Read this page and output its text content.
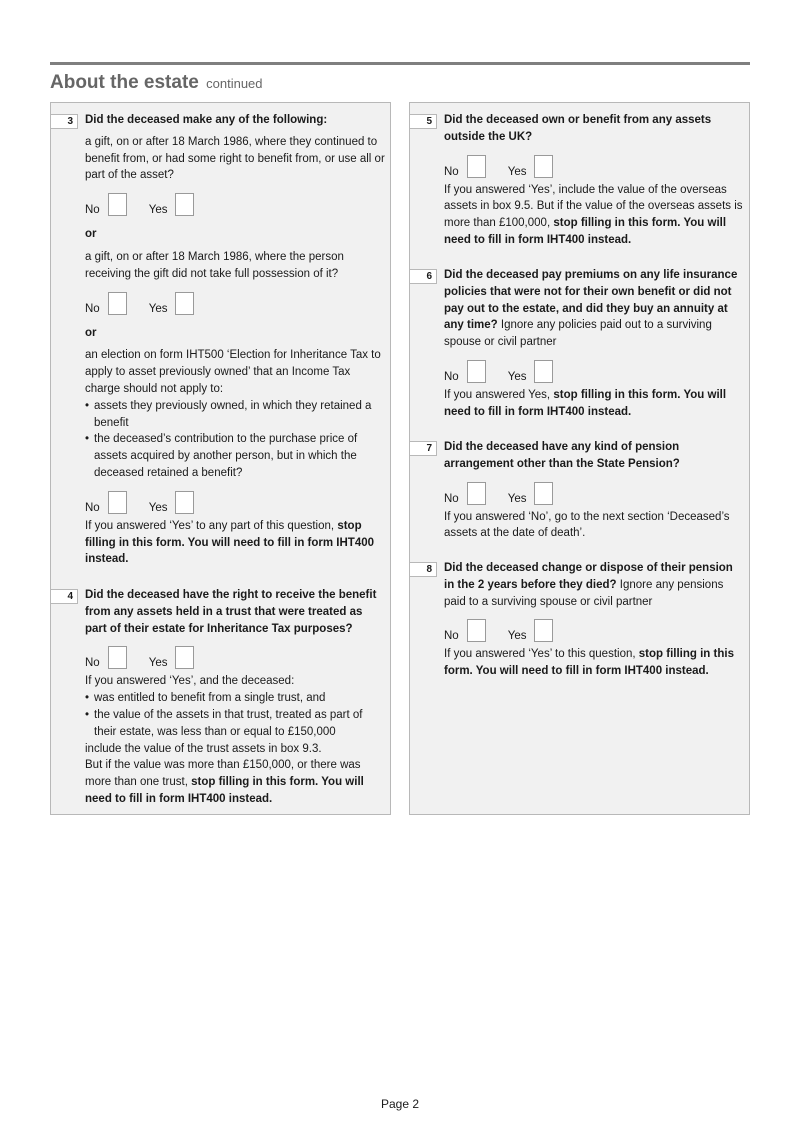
About the estate continued
3	Did the deceased make any of the following:

a gift, on or after 18 March 1986, where they continued to benefit from, or had some right to benefit from, or use all or part of the asset?

No	Yes

or

a gift, on or after 18 March 1986, where the person receiving the gift did not take full possession of it?

No	Yes

or

an election on form IHT500 ‘Election for Inheritance Tax to apply to asset previously owned’ that an Income Tax charge should not apply to:

• assets they previously owned, in which they retained a benefit
• the deceased’s contribution to the purchase price of assets acquired by another person, but in which the deceased retained a benefit?
No	Yes

If you answered ‘Yes’ to any part of this question, stop filling in this form. You will need to fill in form IHT400 instead.

4	Did the deceased have the right to receive the benefit from any assets held in a trust that were treated as part of their estate for Inheritance Tax purposes?

No	Yes

If you answered ‘Yes’, and the deceased:

• was entitled to benefit from a single trust, and
• the value of the assets in that trust, treated as part of their estate, was less than or equal to £150,000

include the value of the trust assets in box 9.3.

But if the value was more than £150,000, or there was more than one trust, stop filling in this form. You will need to fill in form IHT400 instead.

5	Did the deceased own or benefit from any assets outside the UK?

No	Yes

If you answered ‘Yes’, include the value of the overseas assets in box 9.5. But if the value of the overseas assets is more than £100,000, stop filling in this form. You will need to fill in form IHT400 instead.

6	Did the deceased pay premiums on any life insurance policies that were not for their own benefit or did not pay out to the estate, and did they buy an annuity at any time? Ignore any policies paid out to a surviving spouse or civil partner

No	Yes

If you answered Yes, stop filling in this form. You will need to fill in form IHT400 instead.

7	Did the deceased have any kind of pension arrangement other than the State Pension?

No	Yes

If you answered ‘No’, go to the next section ‘Deceased’s assets at the date of death’.

8	Did the deceased change or dispose of their pension in the 2 years before they died? Ignore any pensions paid to a surviving spouse or civil partner

No	Yes

If you answered ‘Yes’ to this question, stop filling in this form. You will need to fill in form IHT400 instead.

Page 2
